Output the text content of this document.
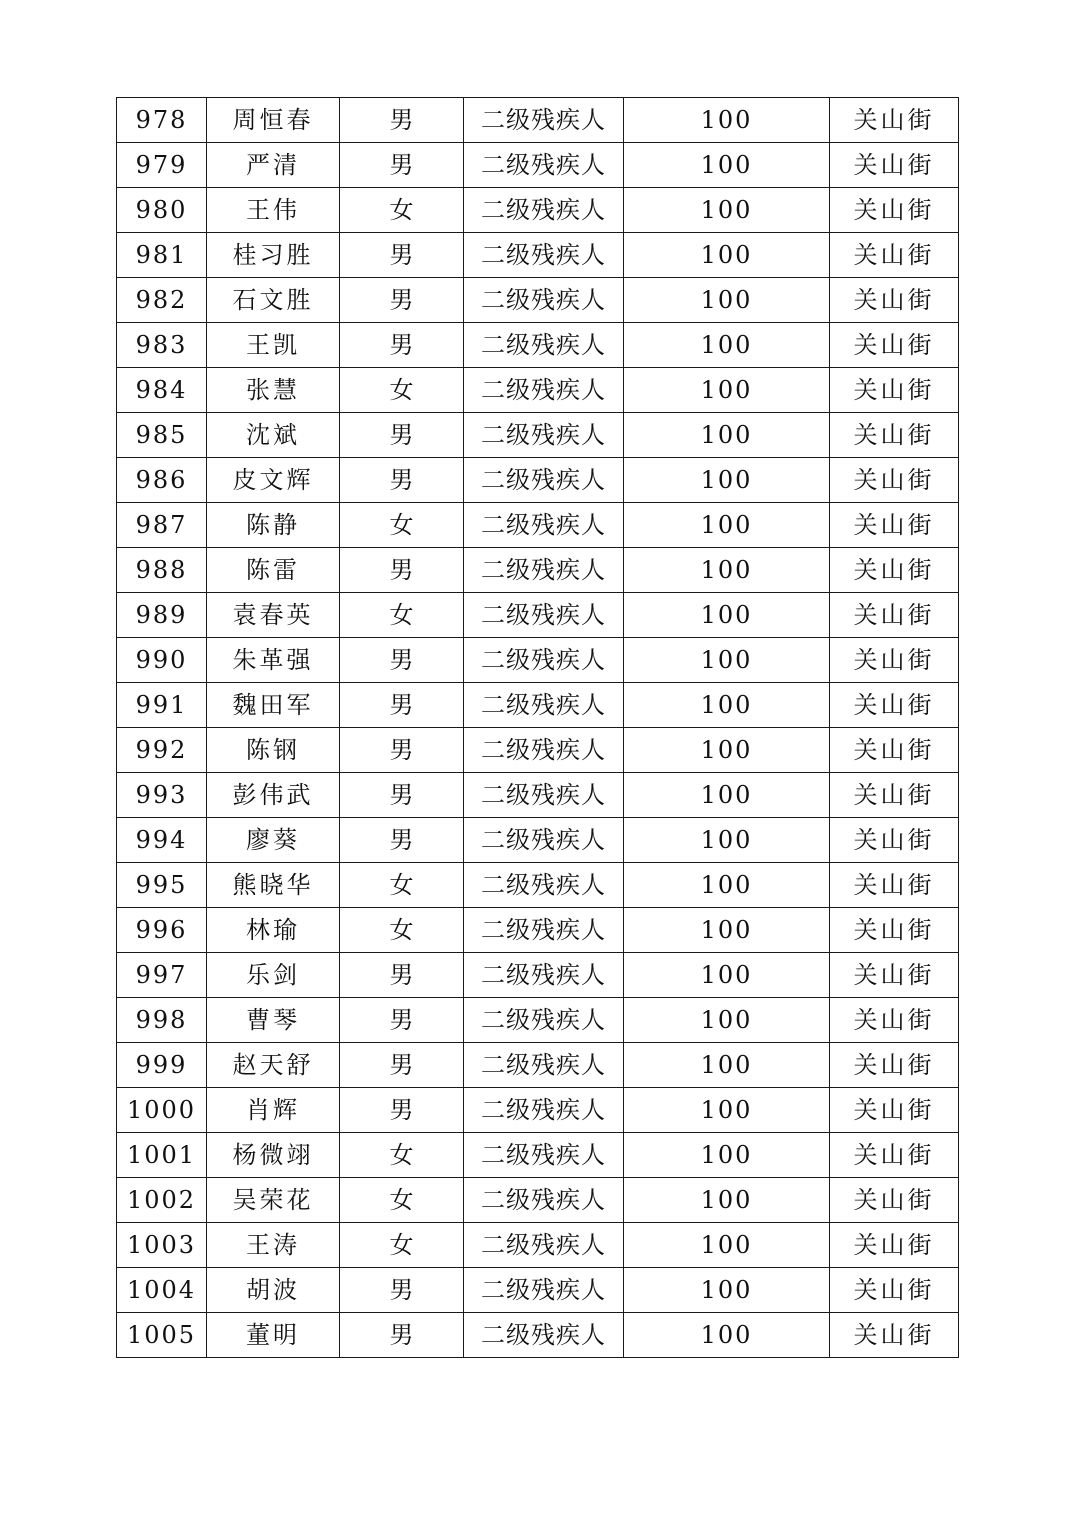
978	周恒春	男	二级残疾人	100	关山街
979	严清	男	二级残疾人	100	关山街
980	王伟	女	二级残疾人	100	关山街
981	桂习胜	男	二级残疾人	100	关山街
982	石文胜	男	二级残疾人	100	关山街
983	王凯	男	二级残疾人	100	关山街
984	张慧	女	二级残疾人	100	关山街
985	沈斌	男	二级残疾人	100	关山街
986	皮文辉	男	二级残疾人	100	关山街
987	陈静	女	二级残疾人	100	关山街
988	陈雷	男	二级残疾人	100	关山街
989	袁春英	女	二级残疾人	100	关山街
990	朱革强	男	二级残疾人	100	关山街
991	魏田军	男	二级残疾人	100	关山街
992	陈钢	男	二级残疾人	100	关山街
993	彭伟武	男	二级残疾人	100	关山街
994	廖葵	男	二级残疾人	100	关山街
995	熊晓华	女	二级残疾人	100	关山街
996	林瑜	女	二级残疾人	100	关山街
997	乐剑	男	二级残疾人	100	关山街
998	曹琴	男	二级残疾人	100	关山街
999	赵天舒	男	二级残疾人	100	关山街
1000	肖辉	男	二级残疾人	100	关山街
1001	杨微翊	女	二级残疾人	100	关山街
1002	吴荣花	女	二级残疾人	100	关山街
1003	王涛	女	二级残疾人	100	关山街
1004	胡波	男	二级残疾人	100	关山街
1005	董明	男	二级残疾人	100	关山街
